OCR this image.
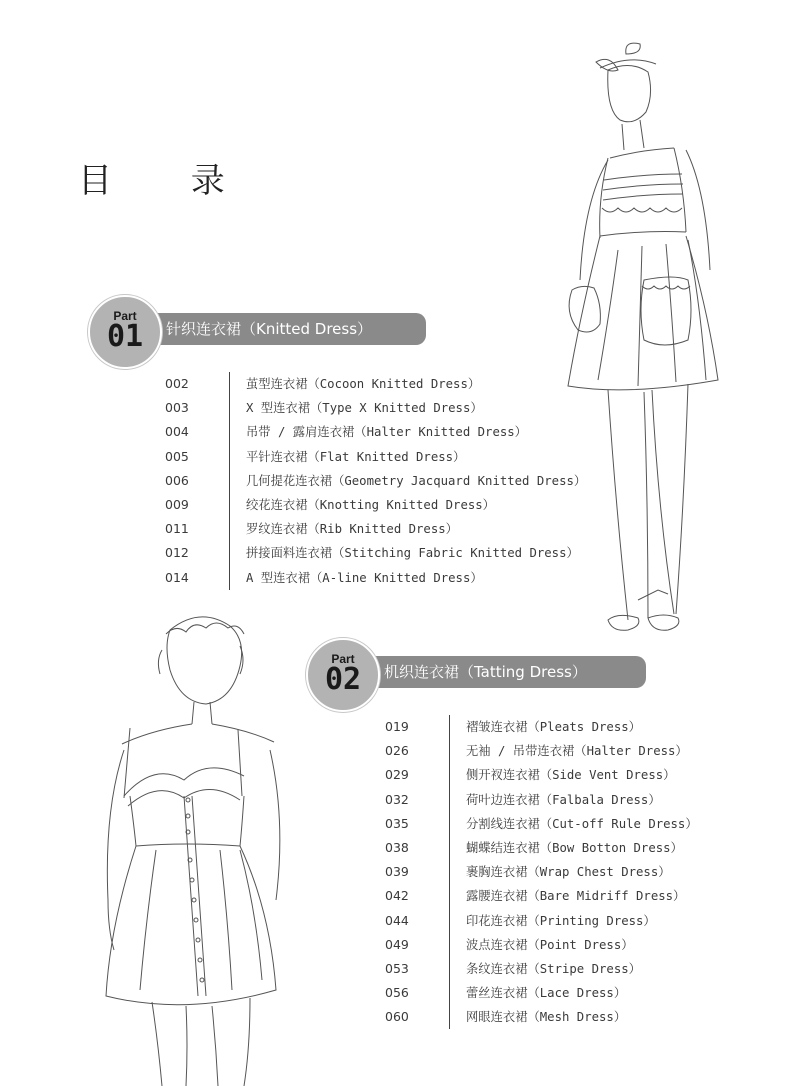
目 录
Part
01	针织连衣裙（Knitted Dress）
002	茧型连衣裙（Cocoon Knitted Dress）
003	X 型连衣裙（Type X Knitted Dress）
004	吊带 / 露肩连衣裙（Halter Knitted Dress）
005	平针连衣裙（Flat Knitted Dress）
006	几何提花连衣裙（Geometry Jacquard Knitted Dress）
009	绞花连衣裙（Knotting Knitted Dress）
011	罗纹连衣裙（Rib Knitted Dress）
012	拼接面料连衣裙（Stitching Fabric Knitted Dress）
014	A 型连衣裙（A-line Knitted Dress）
Part
02	机织连衣裙（Tatting Dress）
019	褶皱连衣裙（Pleats Dress）
026	无袖 / 吊带连衣裙（Halter Dress）
029	侧开衩连衣裙（Side Vent Dress）
032	荷叶边连衣裙（Falbala Dress）
035	分割线连衣裙（Cut-off Rule Dress）
038	蝴蝶结连衣裙（Bow Botton Dress）
039	裹胸连衣裙（Wrap Chest Dress）
042	露腰连衣裙（Bare Midriff Dress）
044	印花连衣裙（Printing Dress）
049	波点连衣裙（Point Dress）
053	条纹连衣裙（Stripe Dress）
056	蕾丝连衣裙（Lace Dress）
060	网眼连衣裙（Mesh Dress）
